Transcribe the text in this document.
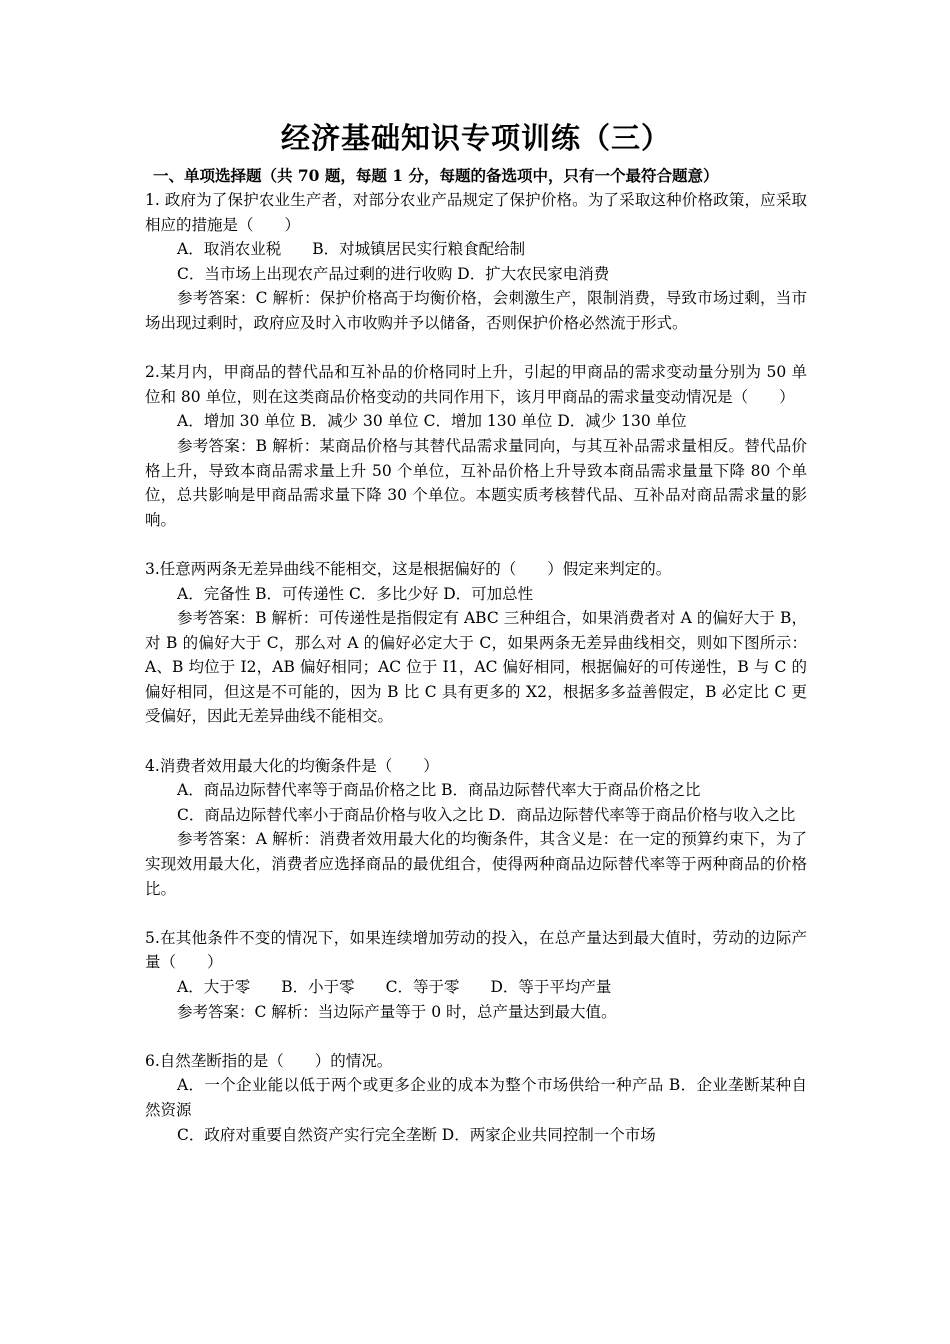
经济基础知识专项训练（三）
一、单项选择题（共 70 题，每题 1 分，每题的备选项中，只有一个最符合题意）

1. 政府为了保护农业生产者，对部分农业产品规定了保护价格。为了采取这种价格政策，应采取相应的措施是（　　）

A．取消农业税　　B．对城镇居民实行粮食配给制

C．当市场上出现农产品过剩的进行收购 D．扩大农民家电消费

参考答案：C 解析：保护价格高于均衡价格，会刺激生产，限制消费，导致市场过剩，当市场出现过剩时，政府应及时入市收购并予以储备，否则保护价格必然流于形式。

2.某月内，甲商品的替代品和互补品的价格同时上升，引起的甲商品的需求变动量分别为 50 单位和 80 单位，则在这类商品价格变动的共同作用下，该月甲商品的需求量变动情况是（　　）

A．增加 30 单位 B．减少 30 单位 C．增加 130 单位 D．减少 130 单位

参考答案：B 解析：某商品价格与其替代品需求量同向，与其互补品需求量相反。替代品价格上升，导致本商品需求量上升 50 个单位，互补品价格上升导致本商品需求量量下降 80 个单位，总共影响是甲商品需求量下降 30 个单位。本题实质考核替代品、互补品对商品需求量的影响。

3.任意两两条无差异曲线不能相交，这是根据偏好的（　　）假定来判定的。

A．完备性 B．可传递性 C．多比少好 D．可加总性

参考答案：B 解析：可传递性是指假定有 ABC 三种组合，如果消费者对 A 的偏好大于 B，对 B 的偏好大于 C，那么对 A 的偏好必定大于 C，如果两条无差异曲线相交，则如下图所示：A、B 均位于 I2，AB 偏好相同；AC 位于 I1，AC 偏好相同，根据偏好的可传递性，B 与 C 的偏好相同，但这是不可能的，因为 B 比 C 具有更多的 X2，根据多多益善假定，B 必定比 C 更受偏好，因此无差异曲线不能相交。

4.消费者效用最大化的均衡条件是（　　）

A．商品边际替代率等于商品价格之比 B．商品边际替代率大于商品价格之比

C．商品边际替代率小于商品价格与收入之比 D．商品边际替代率等于商品价格与收入之比

参考答案：A 解析：消费者效用最大化的均衡条件，其含义是：在一定的预算约束下，为了实现效用最大化，消费者应选择商品的最优组合，使得两种商品边际替代率等于两种商品的价格比。

5.在其他条件不变的情况下，如果连续增加劳动的投入，在总产量达到最大值时，劳动的边际产量（　　）

A．大于零　　B．小于零　　C．等于零　　D．等于平均产量

参考答案：C 解析：当边际产量等于 0 时，总产量达到最大值。

6.自然垄断指的是（　　）的情况。

A．一个企业能以低于两个或更多企业的成本为整个市场供给一种产品 B．企业垄断某种自然资源

C．政府对重要自然资产实行完全垄断 D．两家企业共同控制一个市场
